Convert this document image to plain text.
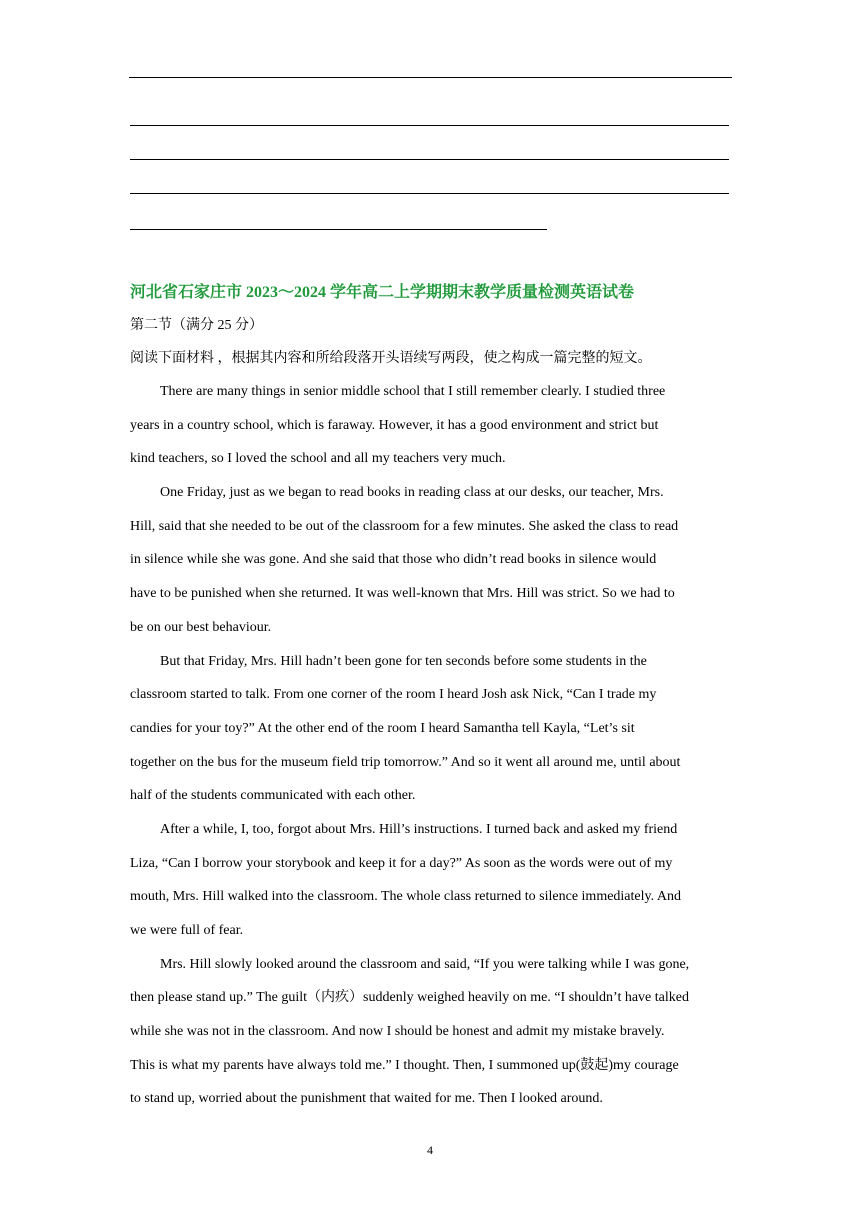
河北省石家庄市 2023～2024 学年高二上学期期末教学质量检测英语试卷
第二节（满分 25 分）
阅读下面材料 ，根据其内容和所给段落开头语续写两段，使之构成一篇完整的短文。
There are many things in senior middle school that I still remember clearly. I studied three
years in a country school, which is faraway. However, it has a good environment and strict but
kind teachers, so I loved the school and all my teachers very much.
One Friday, just as we began to read books in reading class at our desks, our teacher, Mrs.
Hill, said that she needed to be out of the classroom for a few minutes. She asked the class to read
in silence while she was gone. And she said that those who didn’t read books in silence would
have to be punished when she returned. It was well-known that Mrs. Hill was strict. So we had to
be on our best behaviour.
But that Friday, Mrs. Hill hadn’t been gone for ten seconds before some students in the
classroom started to talk. From one corner of the room I heard Josh ask Nick, “Can I trade my
candies for your toy?” At the other end of the room I heard Samantha tell Kayla, “Let’s sit
together on the bus for the museum field trip tomorrow.” And so it went all around me, until about
half of the students communicated with each other.
After a while, I, too, forgot about Mrs. Hill’s instructions. I turned back and asked my friend
Liza, “Can I borrow your storybook and keep it for a day?” As soon as the words were out of my
mouth, Mrs. Hill walked into the classroom. The whole class returned to silence immediately. And
we were full of fear.
Mrs. Hill slowly looked around the classroom and said, “If you were talking while I was gone,
then please stand up.” The guilt（内疚）suddenly weighed heavily on me. “I shouldn’t have talked
while she was not in the classroom. And now I should be honest and admit my mistake bravely.
This is what my parents have always told me.” I thought. Then, I summoned up(鼓起)my courage
to stand up, worried about the punishment that waited for me. Then I looked around.
4
